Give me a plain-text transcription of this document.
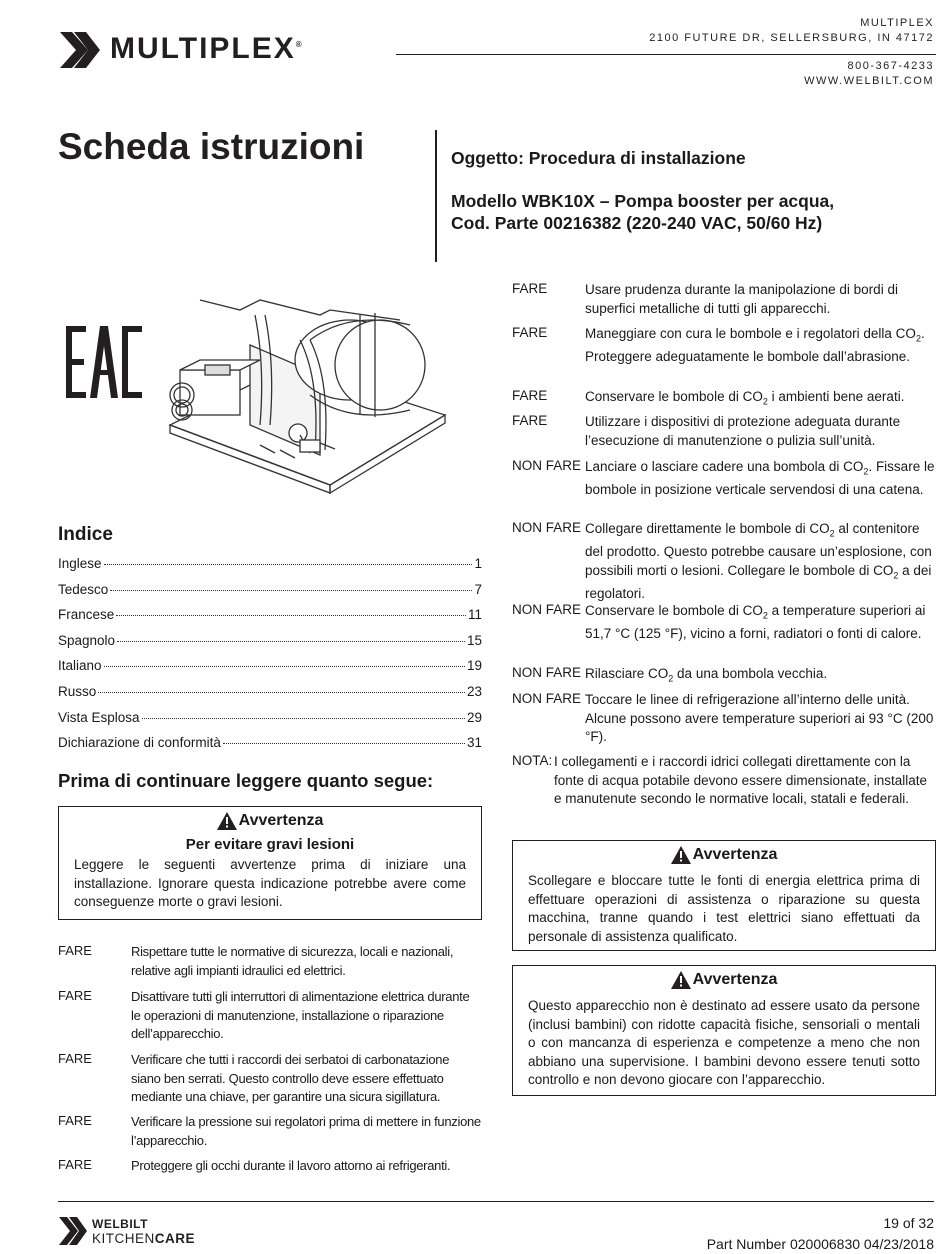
MULTIPLEX®
MULTIPLEX
2100 FUTURE DR, SELLERSBURG, IN 47172
800-367-4233
WWW.WELBILT.COM
Scheda istruzioni	Oggetto: Procedura di installazione
Modello WBK10X – Pompa booster per acqua,
Cod. Parte 00216382 (220-240 VAC, 50/60 Hz)
Indice
Inglese	1
Tedesco	7
Francese	11
Spagnolo	15
Italiano	19
Russo	23
Vista Esplosa	29
Dichiarazione di conformità	31
Prima di continuare leggere quanto segue:
Avvertenza
Per evitare gravi lesioni
Leggere le seguenti avvertenze prima di iniziare una installazione. Ignorare questa indicazione potrebbe avere come conseguenze morte o gravi lesioni.
FARE	Rispettare tutte le normative di sicurezza, locali e nazionali, relative agli impianti idraulici ed elettrici.
FARE	Disattivare tutti gli interruttori di alimentazione elettrica durante le operazioni di manutenzione, installazione o riparazione dell’apparecchio.
FARE	Verificare che tutti i raccordi dei serbatoi di carbonatazione siano ben serrati. Questo controllo deve essere effettuato mediante una chiave, per garantire una sicura sigillatura.
FARE	Verificare la pressione sui regolatori prima di mettere in funzione l’apparecchio.
FARE	Proteggere gli occhi durante il lavoro attorno ai refrigeranti.
FARE	Usare prudenza durante la manipolazione di bordi di superfici metalliche di tutti gli apparecchi.
FARE	Maneggiare con cura le bombole e i regolatori della $CO_2$. Proteggere adeguatamente le bombole dall’abrasione.
FARE	Conservare le bombole di $CO_2$ i ambienti bene aerati.
FARE	Utilizzare i dispositivi di protezione adeguata durante l’esecuzione di manutenzione o pulizia sull’unità.
NON FARE Lanciare o lasciare cadere una bombola di $CO_2$. Fissare le bombole in posizione verticale servendosi di una catena.
NON FARE Collegare direttamente le bombole di $CO_2$ al contenitore del prodotto. Questo potrebbe causare un’esplosione, con possibili morti o lesioni. Collegare le bombole di $CO_2$ a dei regolatori.
NON FARE Conservare le bombole di $CO_2$ a temperature superiori ai 51,7 °C (125 °F), vicino a forni, radiatori o fonti di calore.
NON FARE Rilasciare $CO_2$ da una bombola vecchia.
NON FARE Toccare le linee di refrigerazione all’interno delle unità. Alcune possono avere temperature superiori ai 93 °C (200 °F).
NOTA: I collegamenti e i raccordi idrici collegati direttamente con la fonte di acqua potabile devono essere dimensionate, installate e manutenute secondo le normative locali, statali e federali.
Avvertenza
Scollegare e bloccare tutte le fonti di energia elettrica prima di effettuare operazioni di assistenza o riparazione su questa macchina, tranne quando i test elettrici siano effettuati da personale di assistenza qualificato.
Avvertenza
Questo apparecchio non è destinato ad essere usato da persone (inclusi bambini) con ridotte capacità fisiche, sensoriali o mentali o con mancanza di esperienza e competenze a meno che non abbiano una supervisione. I bambini devono essere tenuti sotto controllo e non devono giocare con l’apparecchio.
WELBILT
KITCHENCARE
19 of 32
Part Number 020006830 04/23/2018
